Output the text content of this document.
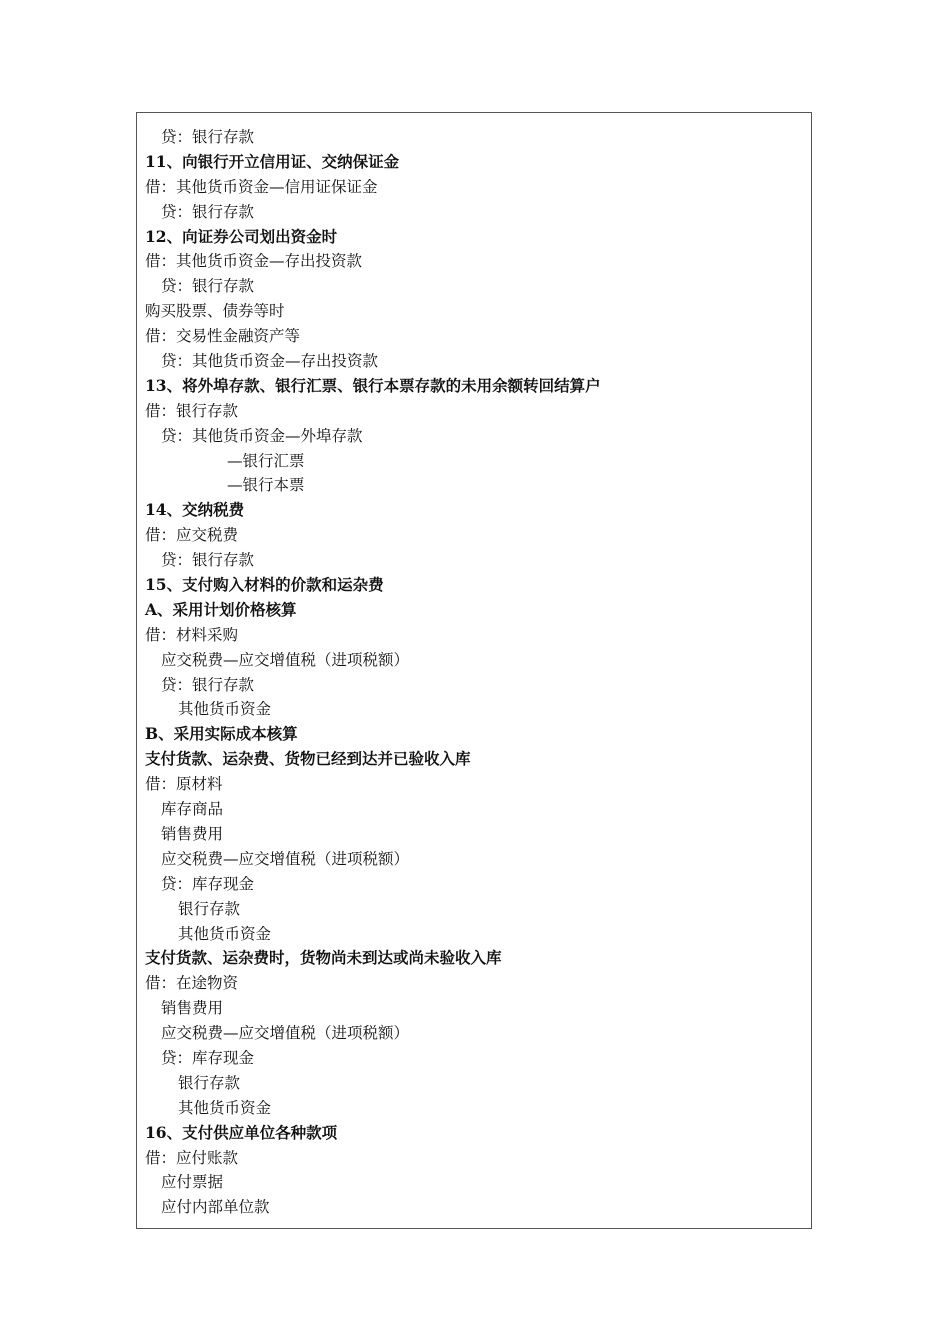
贷：银行存款
11、向银行开立信用证、交纳保证金
借：其他货币资金—信用证保证金
贷：银行存款
12、向证券公司划出资金时
借：其他货币资金—存出投资款
贷：银行存款
购买股票、债券等时
借：交易性金融资产等
贷：其他货币资金—存出投资款
13、将外埠存款、银行汇票、银行本票存款的未用余额转回结算户
借：银行存款
贷：其他货币资金—外埠存款
—银行汇票
—银行本票
14、交纳税费
借：应交税费
贷：银行存款
15、支付购入材料的价款和运杂费
A、采用计划价格核算
借：材料采购
应交税费—应交增值税（进项税额）
贷：银行存款
其他货币资金
B、采用实际成本核算
支付货款、运杂费、货物已经到达并已验收入库
借：原材料
库存商品
销售费用
应交税费—应交增值税（进项税额）
贷：库存现金
银行存款
其他货币资金
支付货款、运杂费时，货物尚未到达或尚未验收入库
借：在途物资
销售费用
应交税费—应交增值税（进项税额）
贷：库存现金
银行存款
其他货币资金
16、支付供应单位各种款项
借：应付账款
应付票据
应付内部单位款
